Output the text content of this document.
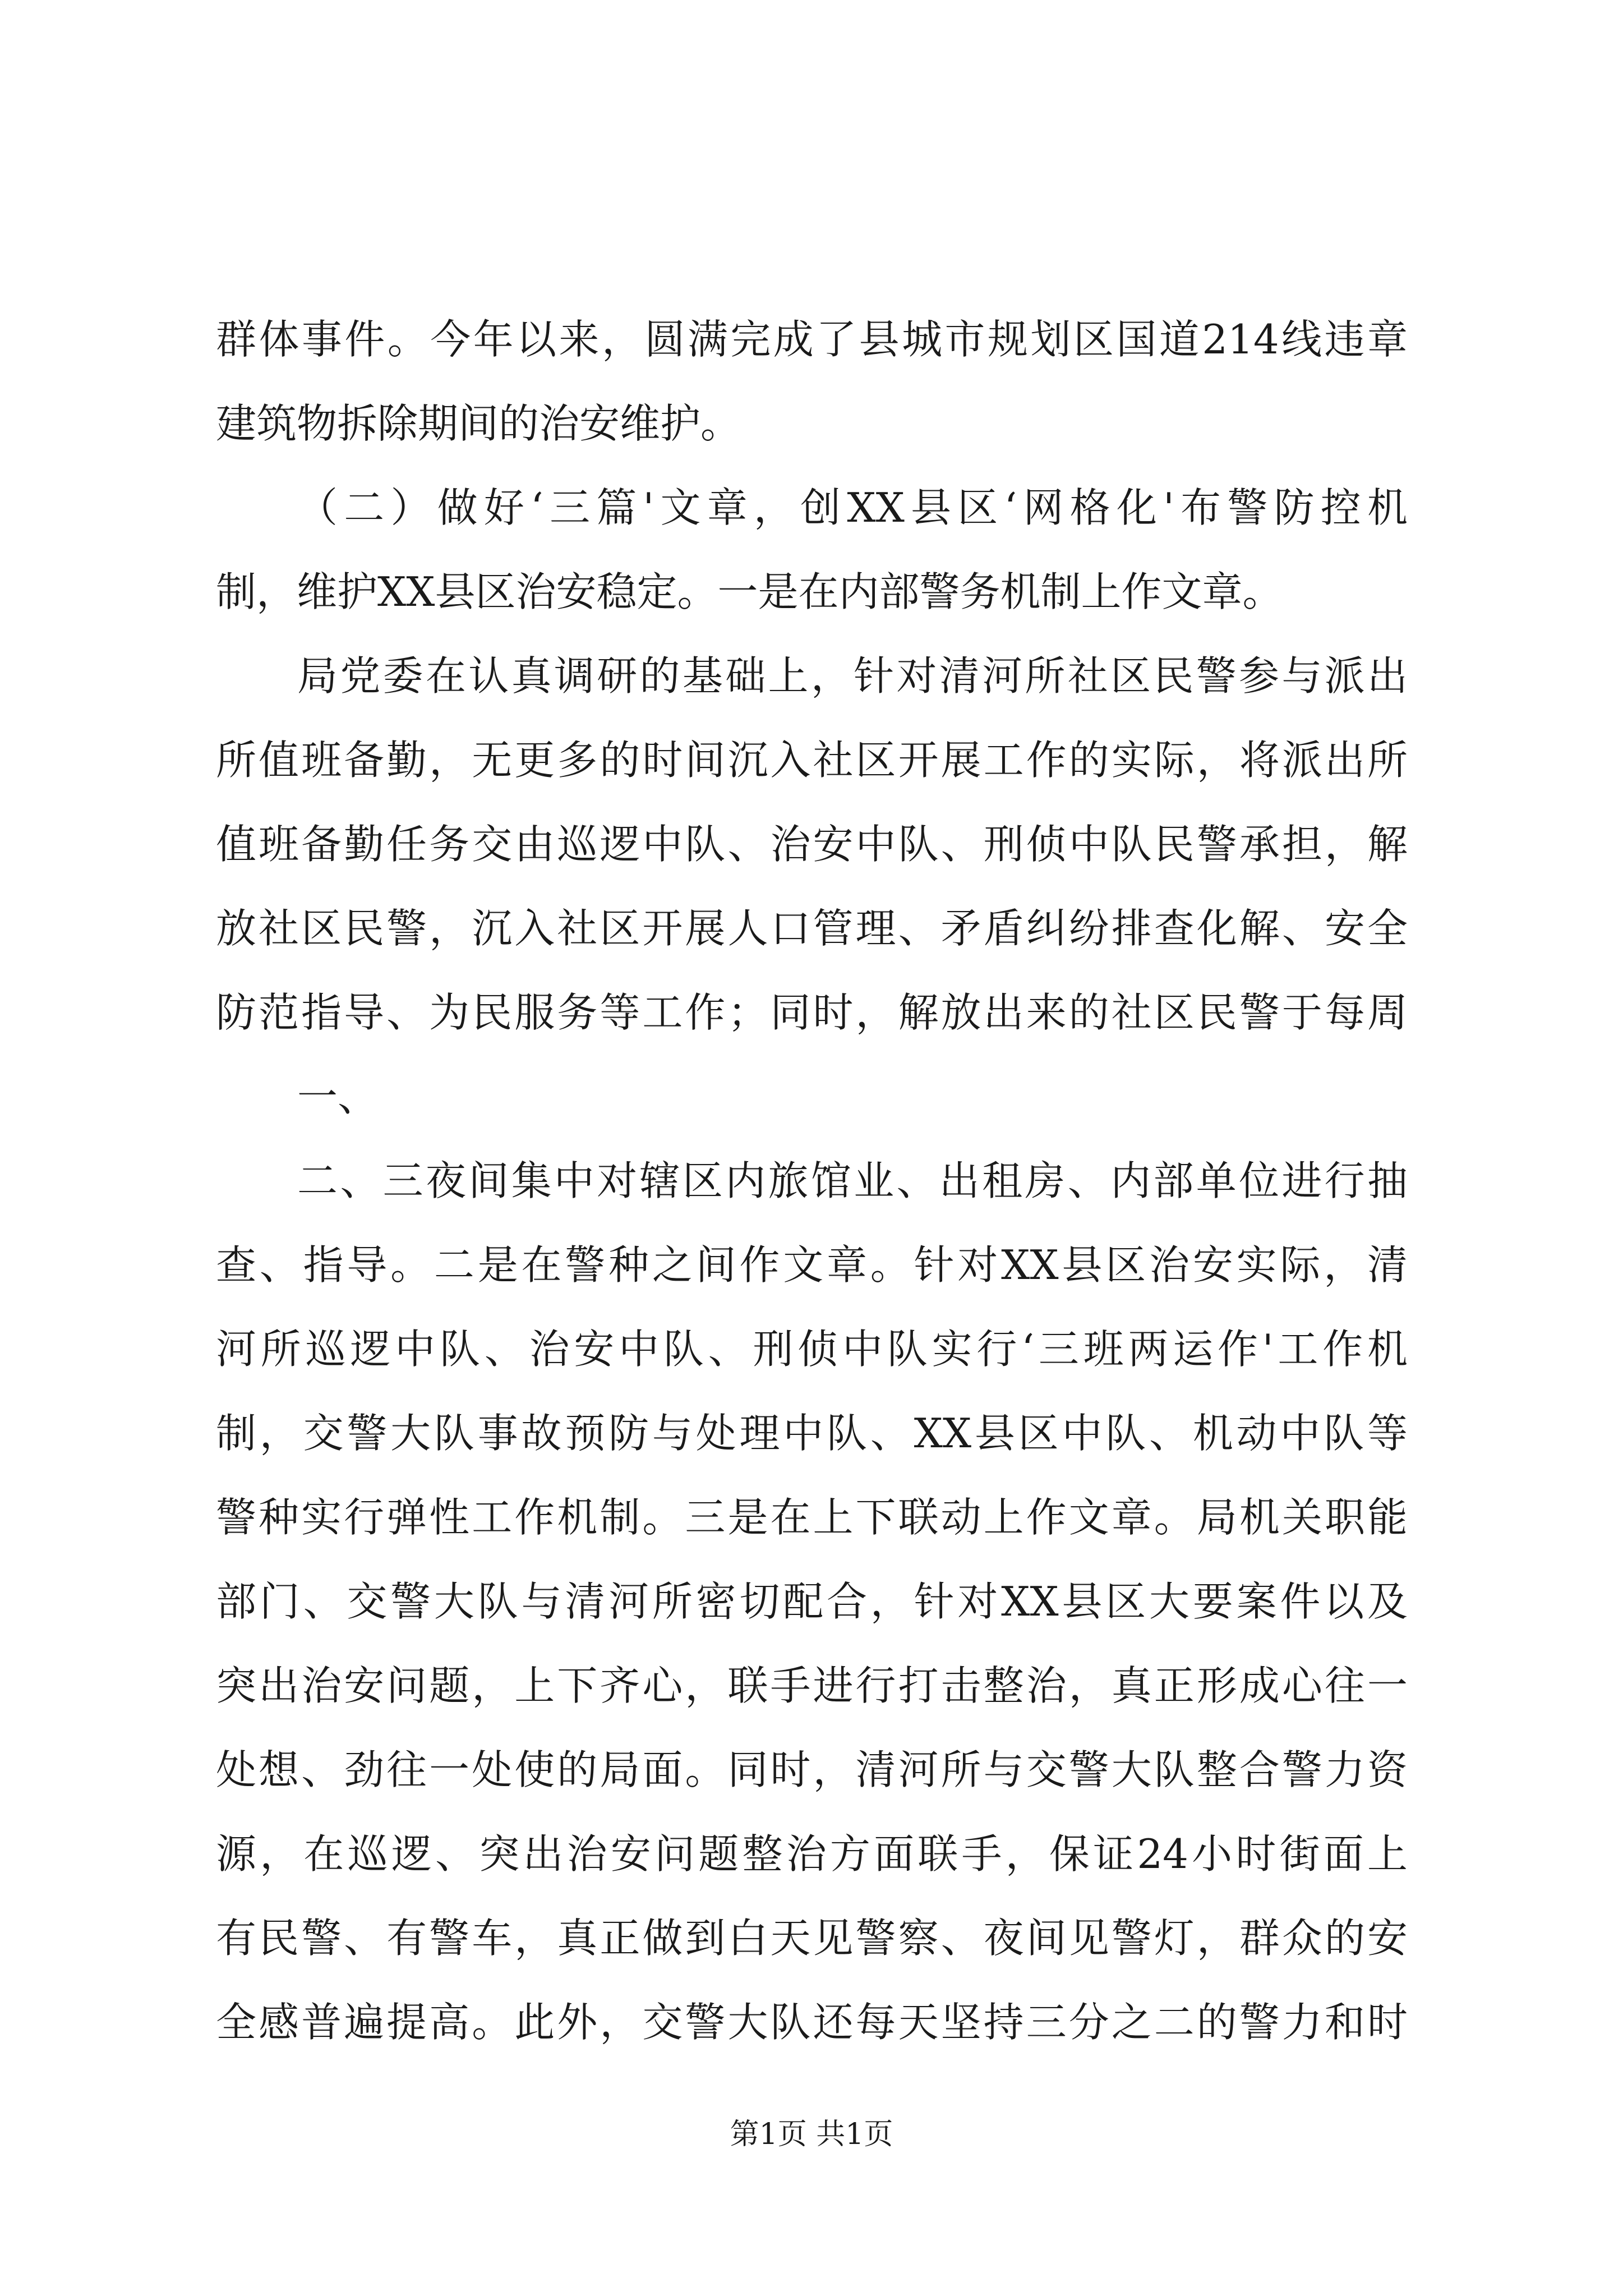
群体事件。今年以来，圆满完成了县城市规划区国道214线违章
建筑物拆除期间的治安维护。
（二）做好‘三篇'文章，创XX县区‘网格化'布警防控机
制，维护XX县区治安稳定。一是在内部警务机制上作文章。
局党委在认真调研的基础上，针对清河所社区民警参与派出
所值班备勤，无更多的时间沉入社区开展工作的实际，将派出所
值班备勤任务交由巡逻中队、治安中队、刑侦中队民警承担，解
放社区民警，沉入社区开展人口管理、矛盾纠纷排查化解、安全
防范指导、为民服务等工作；同时，解放出来的社区民警于每周
一、
二、三夜间集中对辖区内旅馆业、出租房、内部单位进行抽
查、指导。二是在警种之间作文章。针对XX县区治安实际，清
河所巡逻中队、治安中队、刑侦中队实行‘三班两运作'工作机
制，交警大队事故预防与处理中队、XX县区中队、机动中队等
警种实行弹性工作机制。三是在上下联动上作文章。局机关职能
部门、交警大队与清河所密切配合，针对XX县区大要案件以及
突出治安问题，上下齐心，联手进行打击整治，真正形成心往一
处想、劲往一处使的局面。同时，清河所与交警大队整合警力资
源，在巡逻、突出治安问题整治方面联手，保证24小时街面上
有民警、有警车，真正做到白天见警察、夜间见警灯，群众的安
全感普遍提高。此外，交警大队还每天坚持三分之二的警力和时
第1页 共1页
